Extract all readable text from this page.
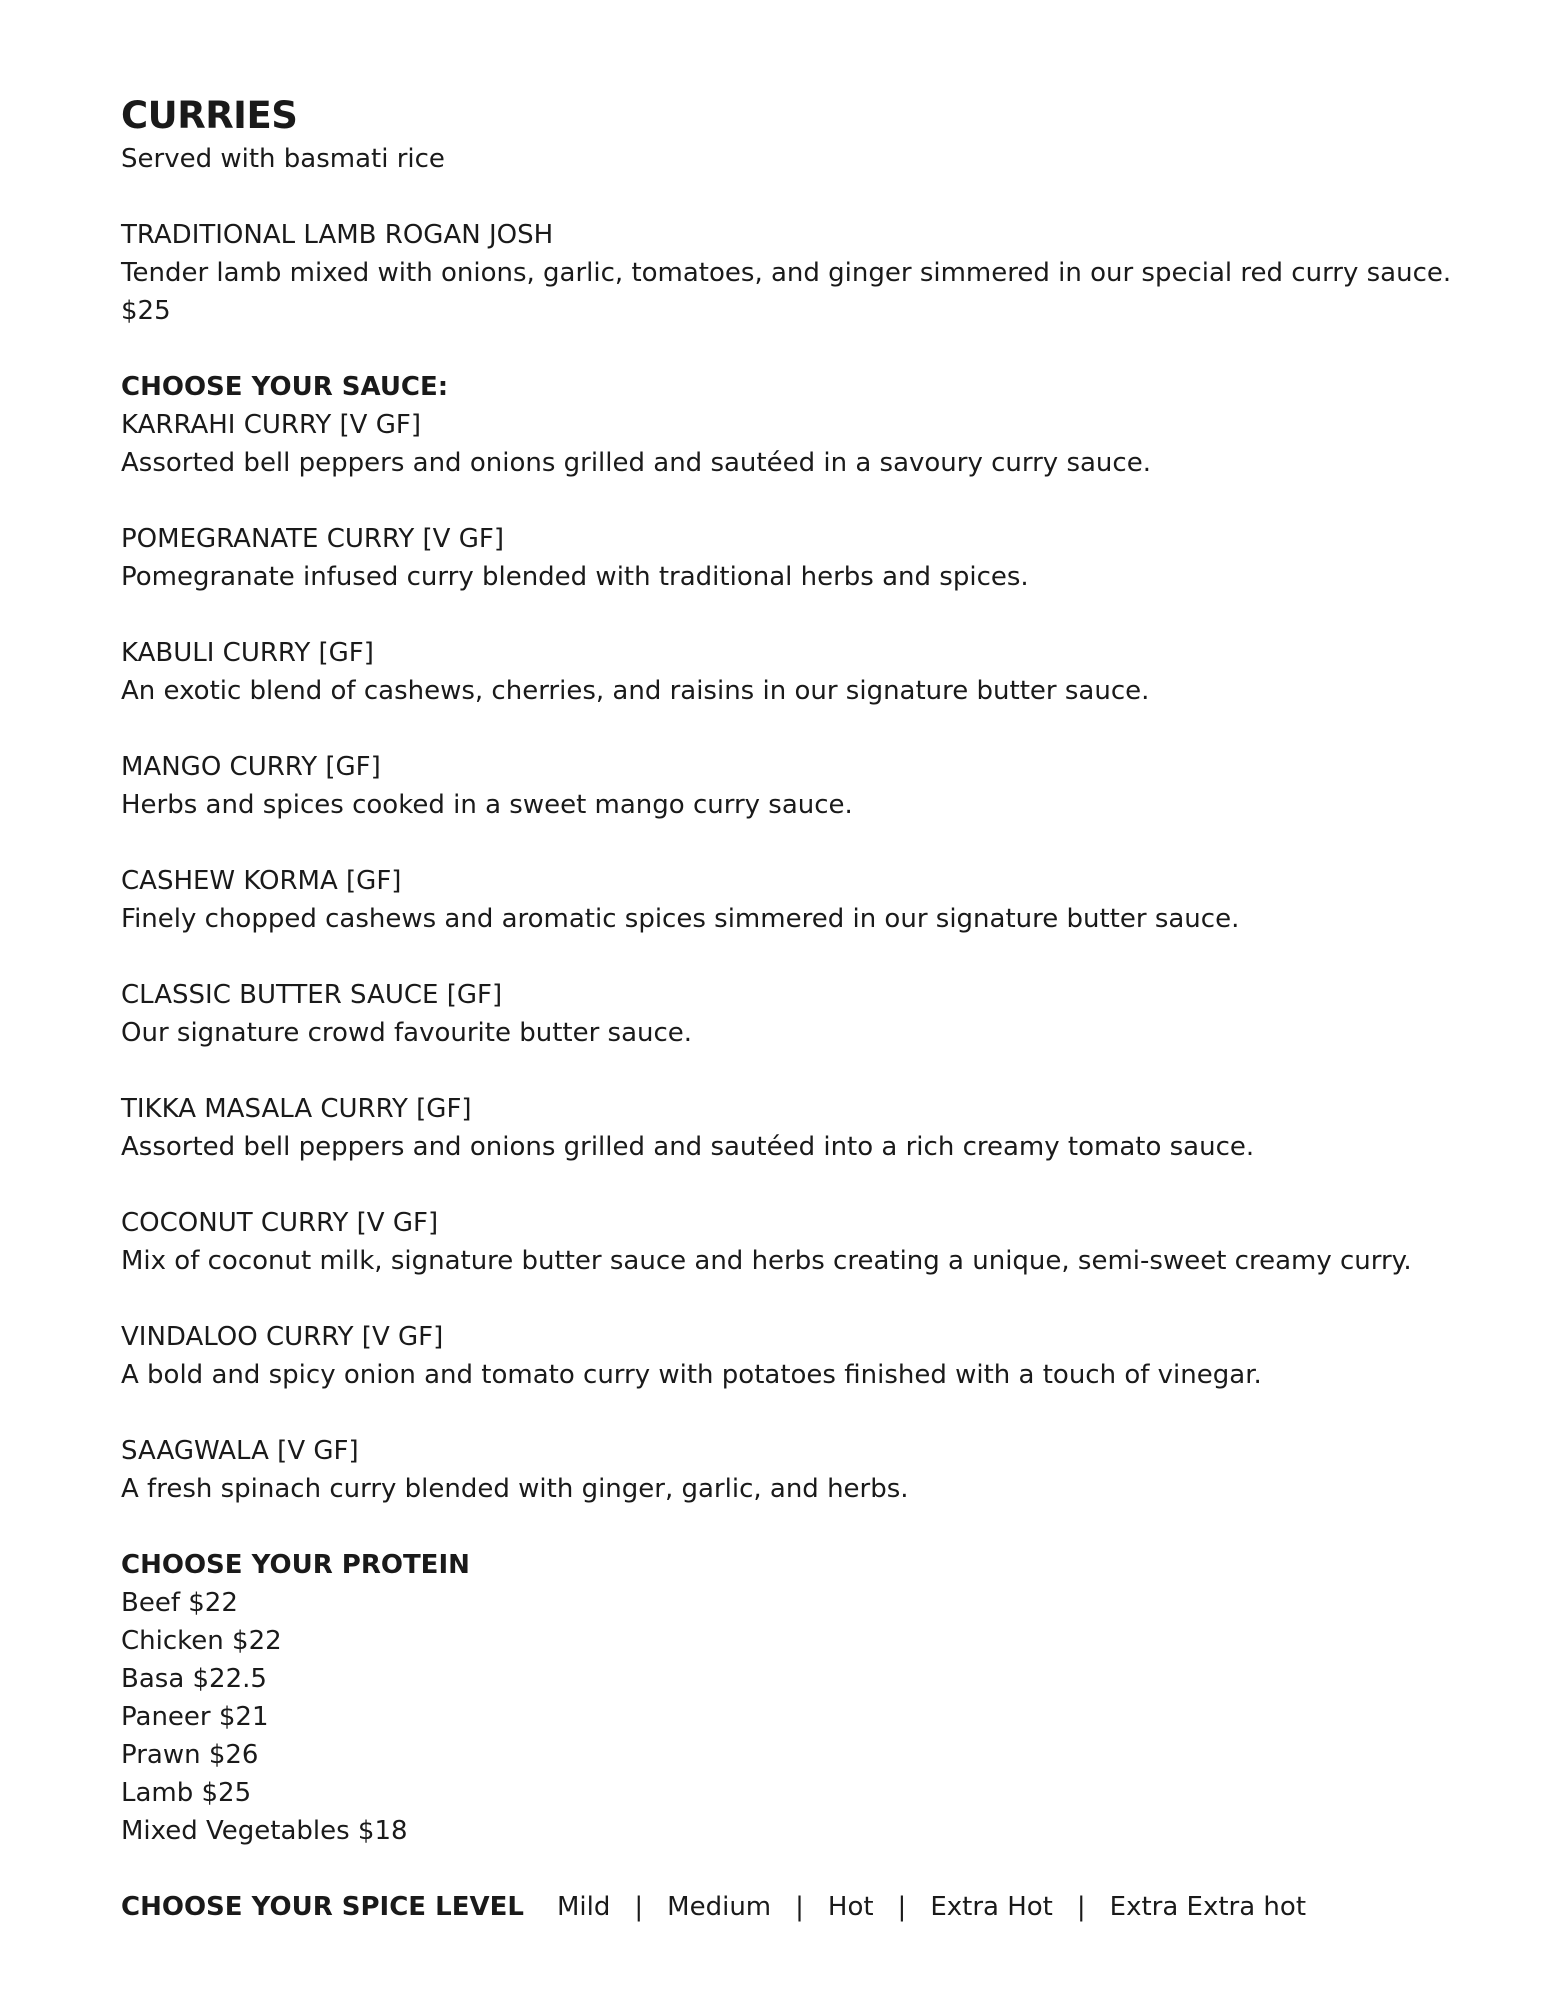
CURRIES

Served with basmati rice

TRADITIONAL LAMB ROGAN JOSH

Tender lamb mixed with onions, garlic, tomatoes, and ginger simmered in our special red curry sauce.

$25

CHOOSE YOUR SAUCE:

KARRAHI CURRY [V GF]

Assorted bell peppers and onions grilled and sautéed in a savoury curry sauce.

POMEGRANATE CURRY [V GF]

Pomegranate infused curry blended with traditional herbs and spices.

KABULI CURRY [GF]

An exotic blend of cashews, cherries, and raisins in our signature butter sauce.

MANGO CURRY [GF]

Herbs and spices cooked in a sweet mango curry sauce.

CASHEW KORMA [GF]

Finely chopped cashews and aromatic spices simmered in our signature butter sauce.

CLASSIC BUTTER SAUCE [GF]

Our signature crowd favourite butter sauce.

TIKKA MASALA CURRY [GF]

Assorted bell peppers and onions grilled and sautéed into a rich creamy tomato sauce.

COCONUT CURRY [V GF]

Mix of coconut milk, signature butter sauce and herbs creating a unique, semi-sweet creamy curry.

VINDALOO CURRY [V GF]

A bold and spicy onion and tomato curry with potatoes finished with a touch of vinegar.

SAAGWALA [V GF]

A fresh spinach curry blended with ginger, garlic, and herbs.

CHOOSE YOUR PROTEIN

Beef $22

Chicken $22

Basa $22.5

Paneer $21

Prawn $26

Lamb $25

Mixed Vegetables $18

CHOOSE YOUR SPICE LEVEL	Mild | Medium | Hot | Extra Hot | Extra Extra hot
